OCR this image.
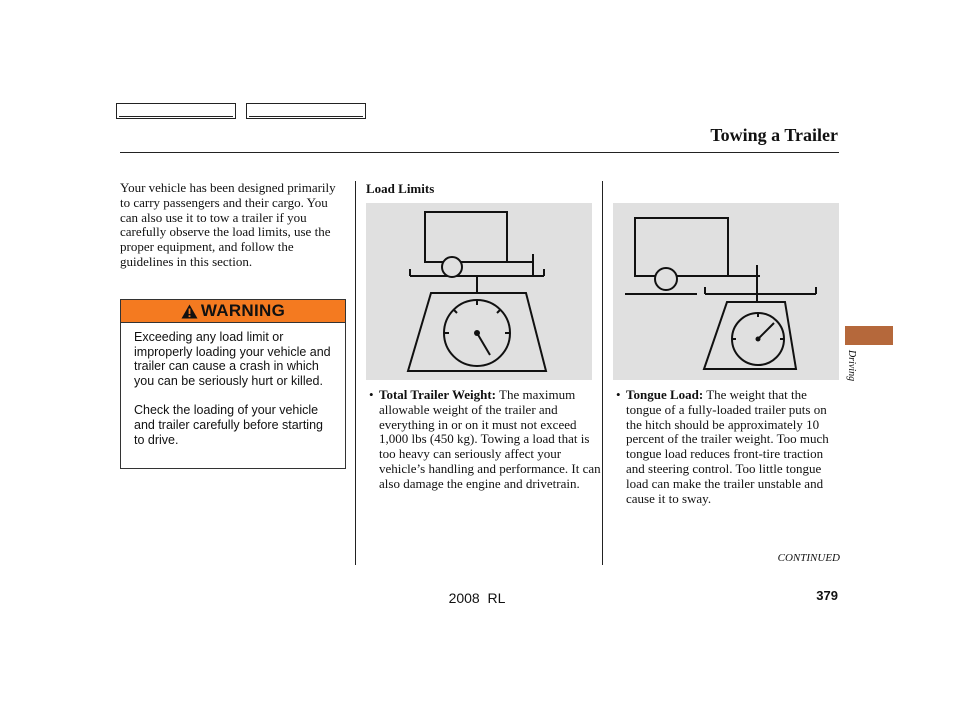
Towing a Trailer
Your vehicle has been designed primarily to carry passengers and their cargo. You can also use it to tow a trailer if you carefully observe the load limits, use the proper equipment, and follow the guidelines in this section.
WARNING

Exceeding any load limit or improperly loading your vehicle and trailer can cause a crash in which you can be seriously hurt or killed.

Check the loading of your vehicle and trailer carefully before starting to drive.

Load Limits
• Total Trailer Weight: The maximum allowable weight of the trailer and everything in or on it must not exceed 1,000 lbs (450 kg). Towing a load that is too heavy can seriously affect your vehicle’s handling and performance. It can also damage the engine and drivetrain.
• Tongue Load: The weight that the tongue of a fully-loaded trailer puts on the hitch should be approximately 10 percent of the trailer weight. Too much tongue load reduces front-tire traction and steering control. Too little tongue load can make the trailer unstable and cause it to sway.
CONTINUED
2008  RL	379
Driving
